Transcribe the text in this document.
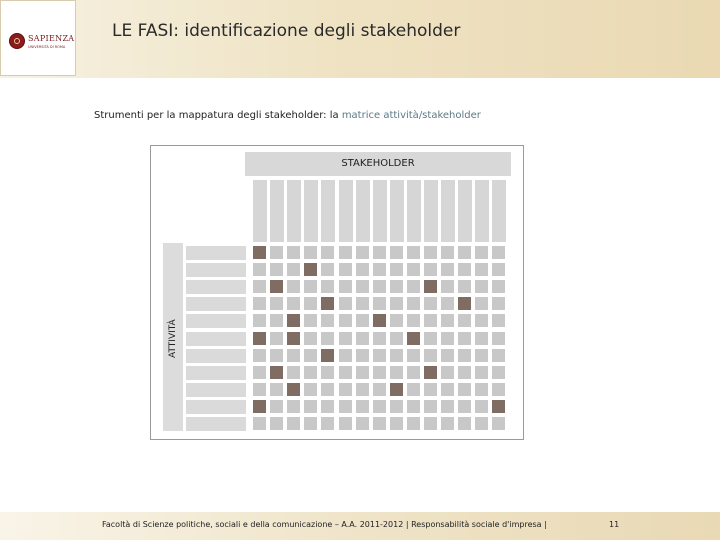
SAPIENZA
UNIVERSITÀ DI ROMA
LE FASI: identificazione degli stakeholder
Strumenti per la mappatura degli stakeholder: la matrice attività/stakeholder
STAKEHOLDER
ATTIVITÀ
Facoltà di Scienze politiche, sociali e della comunicazione – A.A. 2011-2012 | Responsabilità sociale d'impresa |	11
